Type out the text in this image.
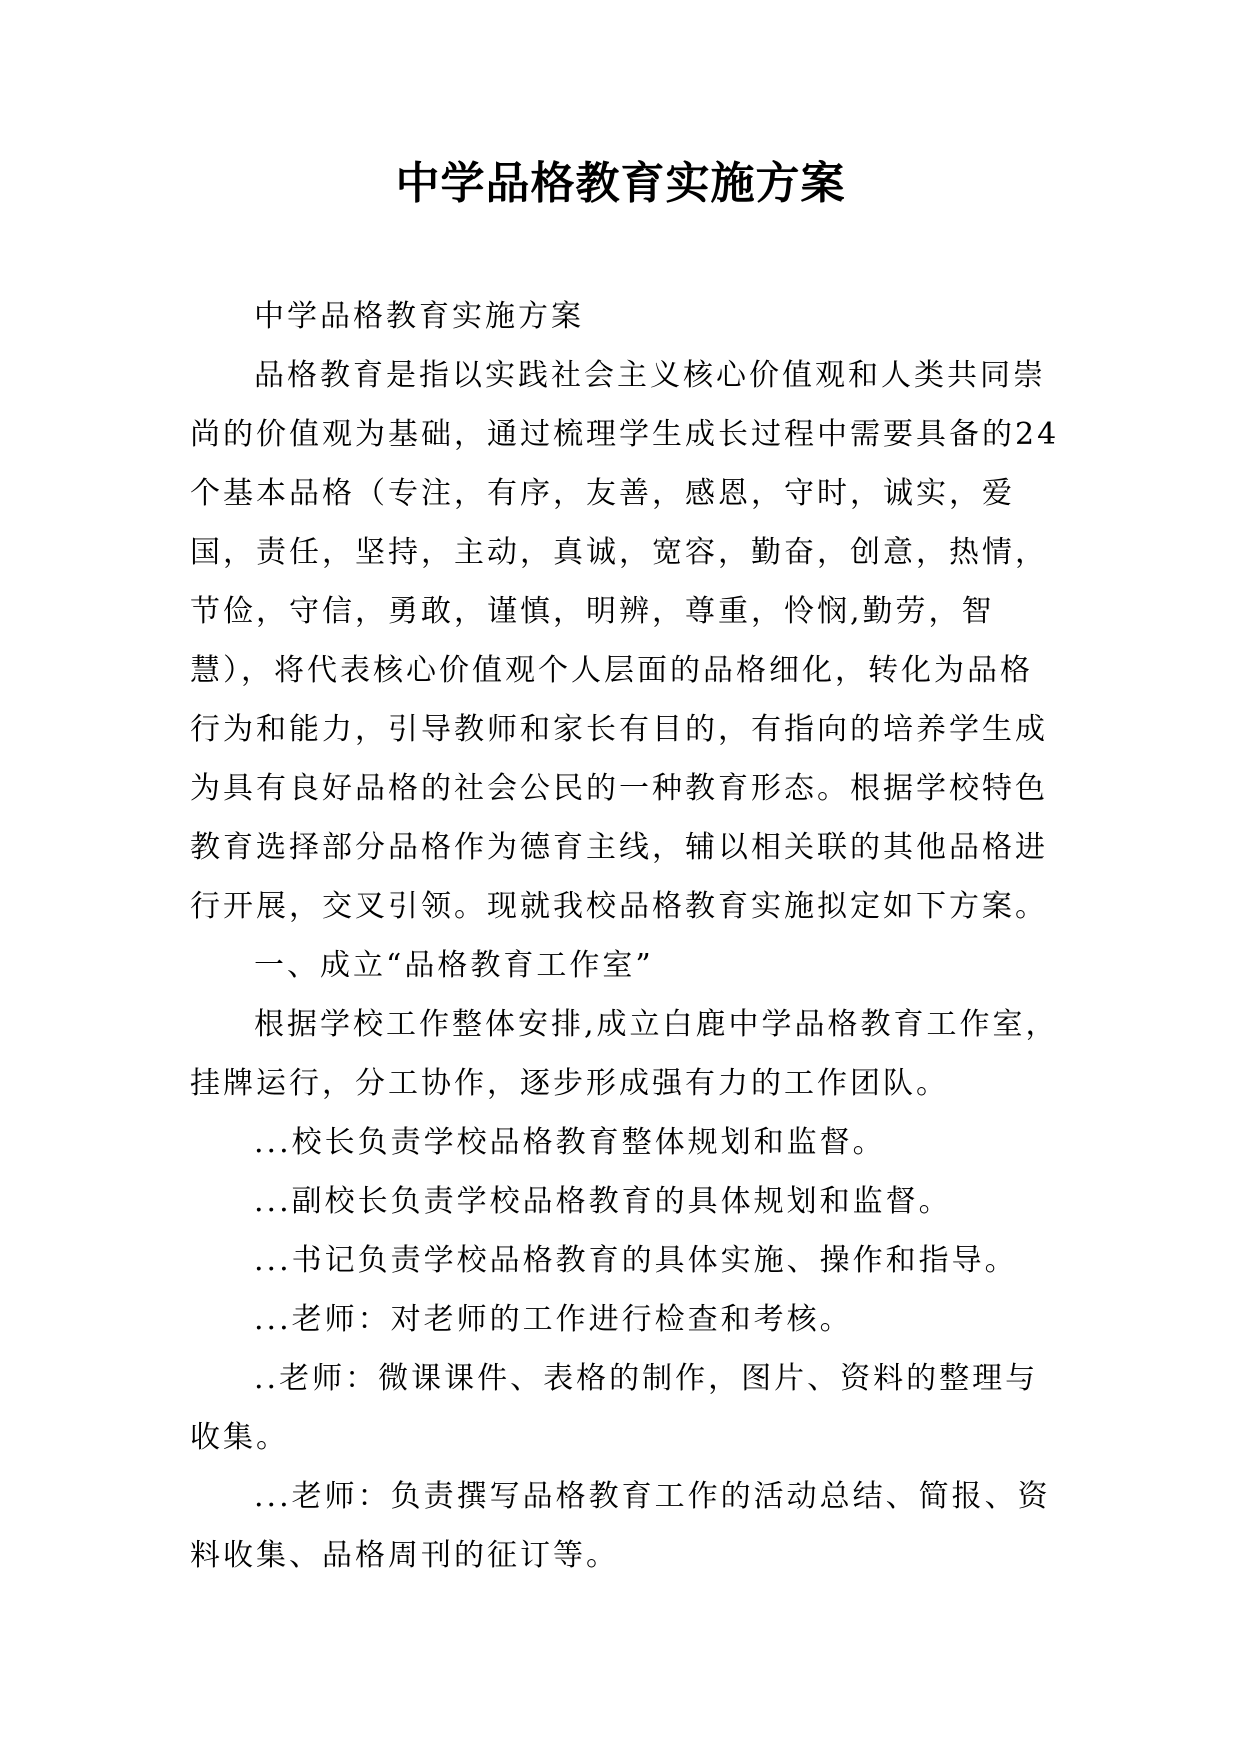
中学品格教育实施方案

中学品格教育实施方案

品格教育是指以实践社会主义核心价值观和人类共同崇尚的价值观为基础，通过梳理学生成长过程中需要具备的24个基本品格（专注，有序，友善，感恩，守时，诚实，爱国，责任，坚持，主动，真诚，宽容，勤奋，创意，热情，节俭，守信，勇敢，谨慎，明辨，尊重，怜悯,勤劳，智慧），将代表核心价值观个人层面的品格细化，转化为品格行为和能力，引导教师和家长有目的，有指向的培养学生成为具有良好品格的社会公民的一种教育形态。根据学校特色教育选择部分品格作为德育主线，辅以相关联的其他品格进行开展，交叉引领。现就我校品格教育实施拟定如下方案。

一、成立“品格教育工作室”

根据学校工作整体安排,成立白鹿中学品格教育工作室，挂牌运行，分工协作，逐步形成强有力的工作团队。

...校长负责学校品格教育整体规划和监督。

...副校长负责学校品格教育的具体规划和监督。

...书记负责学校品格教育的具体实施、操作和指导。

...老师：对老师的工作进行检查和考核。

..老师：微课课件、表格的制作，图片、资料的整理与收集。

...老师：负责撰写品格教育工作的活动总结、简报、资料收集、品格周刊的征订等。
